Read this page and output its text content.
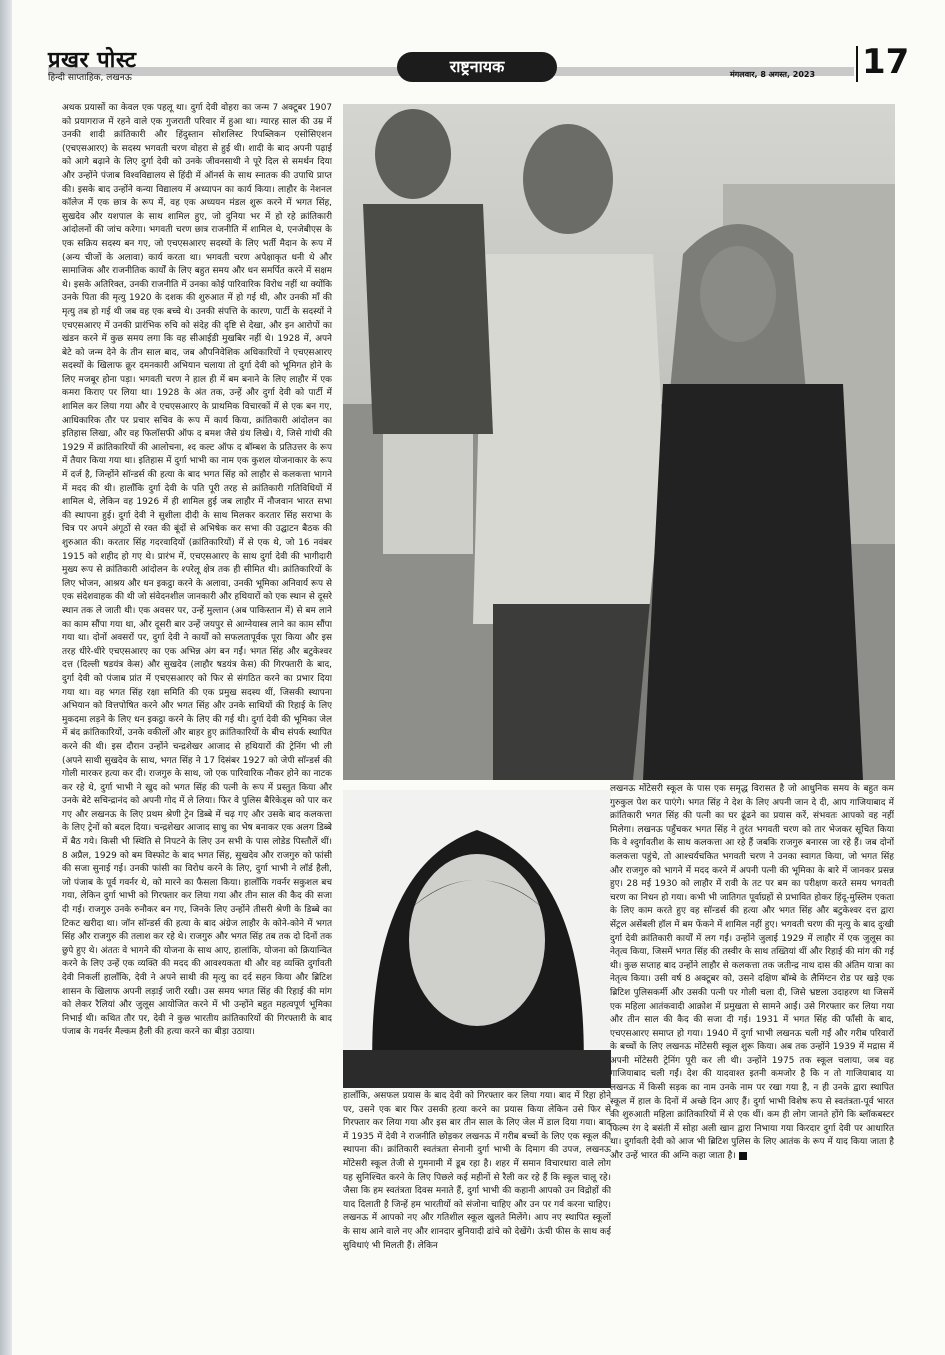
प्रखर पोस्ट
हिन्दी साप्ताहिक, लखनऊ
राष्ट्रनायक	मंगलवार, 8 अगस्त, 2023 17
अथक प्रयासों का केवल एक पहलू था। दुर्गा देवी वोहरा का जन्म 7 अक्टूबर 1907 को प्रयागराज में रहने वाले एक गुजराती परिवार में हुआ था। ग्यारह साल की उम्र में उनकी शादी क्रांतिकारी और हिंदुस्तान सोशलिस्ट रिपब्लिकन एसोसिएशन (एचएसआरए) के सदस्य भगवती चरण वोहरा से हुई थी। शादी के बाद अपनी पढ़ाई को आगे बढ़ाने के लिए दुर्गा देवी को उनके जीवनसाथी ने पूरे दिल से समर्थन दिया और उन्होंने पंजाब विश्वविद्यालय से हिंदी में ऑनर्स के साथ स्नातक की उपाधि प्राप्त की। इसके बाद उन्होंने कन्या विद्यालय में अध्यापन का कार्य किया। लाहौर के नेशनल कॉलेज में एक छात्र के रूप में, वह एक अध्ययन मंडल शुरू करने में भगत सिंह, सुखदेव और यशपाल के साथ शामिल हुए, जो दुनिया भर में हो रहे क्रांतिकारी आंदोलनों की जांच करेगा। भगवती चरण छात्र राजनीति में शामिल थे, एनजेबीएस के एक सक्रिय सदस्य बन गए, जो एचएसआरए सदस्यों के लिए भर्ती मैदान के रूप में (अन्य चीजों के अलावा) कार्य करता था। भगवती चरण अपेक्षाकृत धनी थे और सामाजिक और राजनीतिक कार्यों के लिए बहुत समय और धन समर्पित करने में सक्षम थे। इसके अतिरिक्त, उनकी राजनीति में उनका कोई पारिवारिक विरोध नहीं था क्योंकि उनके पिता की मृत्यु 1920 के दशक की शुरुआत में हो गई थी, और उनकी माँ की मृत्यु तब हो गई थी जब वह एक बच्चे थे। उनकी संपत्ति के कारण, पार्टी के सदस्यों ने एचएसआरए में उनकी प्रारंभिक रुचि को संदेह की दृष्टि से देखा, और इन आरोपों का खंडन करने में कुछ समय लगा कि वह सीआईडी मुखबिर नहीं थे। 1928 में, अपने बेटे को जन्म देने के तीन साल बाद, जब औपनिवेशिक अधिकारियों ने एचएसआरए सदस्यों के खिलाफ क्रूर दमनकारी अभियान चलाया तो दुर्गा देवी को भूमिगत होने के लिए मजबूर होना पड़ा। भगवती चरण ने हाल ही में बम बनाने के लिए लाहौर में एक कमरा किराए पर लिया था। 1928 के अंत तक, उन्हें और दुर्गा देवी को पार्टी में शामिल कर लिया गया और वे एचएसआरए के प्राथमिक विचारकों में से एक बन गए, आधिकारिक तौर पर प्रचार सचिव के रूप में कार्य किया, क्रांतिकारी आंदोलन का इतिहास लिखा, और वह फिलॉसफी ऑफ द बमश जैसे ग्रंथ लिखे। ये, जिसे गांधी की 1929 में क्रांतिकारियों की आलोचना, श्द कल्ट ऑफ द बॉम्बश के प्रतिउत्तर के रूप में तैयार किया गया था। इतिहास में दुर्गा भाभी का नाम एक कुशल योजनाकार के रूप में दर्ज है, जिन्होंने सॉन्डर्स की हत्या के बाद भगत सिंह को लाहौर से कलकत्ता भागने में मदद की थी। हालाँकि दुर्गा देवी के पति पूरी तरह से क्रांतिकारी गतिविधियों में शामिल थे, लेकिन वह 1926 में ही शामिल हुई जब लाहौर में नौजवान भारत सभा की स्थापना हुई। दुर्गा देवी ने सुशीला दीदी के साथ मिलकर करतार सिंह सराभा के चित्र पर अपने अंगूठों से रक्त की बूंदों से अभिषेक कर सभा की उद्घाटन बैठक की शुरुआत की। करतार सिंह गदरवादियों (क्रांतिकारियों) में से एक थे, जो 16 नवंबर 1915 को शहीद हो गए थे। प्रारंभ में, एचएसआरए के साथ दुर्गा देवी की भागीदारी मुख्य रूप से क्रांतिकारी आंदोलन के श्परेलू क्षेत्र तक ही सीमित थी। क्रांतिकारियों के लिए भोजन, आश्रय और धन इकट्ठा करने के अलावा, उनकी भूमिका अनिवार्य रूप से एक संदेशवाहक की थी जो संवेदनशील जानकारी और हथियारों को एक स्थान से दूसरे स्थान तक ले जाती थी। एक अवसर पर, उन्हें मुल्तान (अब पाकिस्तान में) से बम लाने का काम सौंपा गया था, और दूसरी बार उन्हें जयपुर से आग्नेयास्त्र लाने का काम सौंपा गया था। दोनों अवसरों पर, दुर्गा देवी ने कार्यों को सफलतापूर्वक पूरा किया और इस तरह धीरे-धीरे एचएसआरए का एक अभिन्न अंग बन गईं। भगत सिंह और बटुकेश्वर दत्त (दिल्ली षडयंत्र केस) और सुखदेव (लाहौर षडयंत्र केस) की गिरफ्तारी के बाद, दुर्गा देवी को पंजाब प्रांत में एचएसआरए को फिर से संगठित करने का प्रभार दिया गया था। वह भगत सिंह रक्षा समिति की एक प्रमुख सदस्य थीं, जिसकी स्थापना अभियान को वित्तपोषित करने और भगत सिंह और उनके साथियों की रिहाई के लिए मुकदमा लड़ने के लिए धन इकट्ठा करने के लिए की गई थी। दुर्गा देवी की भूमिका जेल में बंद क्रांतिकारियों, उनके वकीलों और बाहर हुए क्रांतिकारियों के बीच संपर्क स्थापित करने की थी। इस दौरान उन्होंने चन्द्रशेखर आजाद से हथियारों की ट्रेनिंग भी ली (अपने साथी सुखदेव के साथ, भगत सिंह ने 17 दिसंबर 1927 को जेपी सॉन्डर्स की गोली मारकर हत्या कर दी। राजगुरु के साथ, जो एक पारिवारिक नौकर होने का नाटक कर रहे थे, दुर्गा भाभी ने खुद को भगत सिंह की पत्नी के रूप में प्रस्तुत किया और उनके बेटे सचिन्द्रानंद को अपनी गोद में ले लिया। फिर वे पुलिस बैरिकेड्स को पार कर गए और लखनऊ के लिए प्रथम श्रेणी ट्रेन डिब्बे में चढ़ गए और उसके बाद कलकत्ता के लिए ट्रेनों को बदल दिया। चन्द्रशेखर आजाद साधु का भेष बनाकर एक अलग डिब्बे में बैठ गये। किसी भी स्थिति से निपटने के लिए उन सभी के पास लोडेड पिस्तौलें थीं। 8 अप्रैल, 1929 को बम विस्फोट के बाद भगत सिंह, सुखदेव और राजगुरु को फांसी की सजा सुनाई गई। उनकी फांसी का विरोध करने के लिए, दुर्गा भाभी ने लॉर्ड हैली, जो पंजाब के पूर्व गवर्नर थे, को मारने का फैसला किया। हालाँकि गवर्नर सकुशल बच गया, लेकिन दुर्गा भाभी को गिरफ्तार कर लिया गया और तीन साल की कैद की सजा दी गई। राजगुरु उनके रुनौकर बन गए, जिनके लिए उन्होंने तीसरी श्रेणी के डिब्बे का टिकट खरीदा था। जॉन सॉन्डर्स की हत्या के बाद अंग्रेज लाहौर के कोने-कोने में भगत सिंह और राजगुरु की तलाश कर रहे थे। राजगुरु और भगत सिंह तब तक दो दिनों तक छुपे हुए थे। अंततः वे भागने की योजना के साथ आए, हालांकि, योजना को क्रियान्वित करने के लिए उन्हें एक व्यक्ति की मदद की आवश्यकता थी और वह व्यक्ति दुर्गावती देवी निकलीं हालाँकि, देवी ने अपने साथी की मृत्यु का दर्द सहन किया और ब्रिटिश शासन के खिलाफ अपनी लड़ाई जारी रखी। उस समय भगत सिंह की रिहाई की मांग को लेकर रैलियां और जुलूस आयोजित करने में भी उन्होंने बहुत महत्वपूर्ण भूमिका निभाई थी। कथित तौर पर, देवी ने कुछ भारतीय क्रांतिकारियों की गिरफ्तारी के बाद पंजाब के गवर्नर मैल्कम हैली की हत्या करने का बीड़ा उठाया।
हालाँकि, असफल प्रयास के बाद देवी को गिरफ्तार कर लिया गया। बाद में रिहा होने पर, उसने एक बार फिर उसकी हत्या करने का प्रयास किया लेकिन उसे फिर से गिरफ्तार कर लिया गया और इस बार तीन साल के लिए जेल में डाल दिया गया। बाद में 1935 में देवी ने राजनीति छोड़कर लखनऊ में गरीब बच्चों के लिए एक स्कूल की स्थापना की। क्रांतिकारी स्वतंत्रता सेनानी दुर्गा भाभी के दिमाग की उपज, लखनऊ मोंटेसरी स्कूल तेजी से गुमनामी में डूब रहा है। शहर में समान विचारधारा वाले लोग यह सुनिश्चित करने के लिए पिछले कई महीनों से रैली कर रहे हैं कि स्कूल चालू रहे। जैसा कि हम स्वतंत्रता दिवस मनाते हैं, दुर्गा भाभी की कहानी आपको उन विद्रोहों की याद दिलाती है जिन्हें हम भारतीयों को संजोना चाहिए और उन पर गर्व करना चाहिए। लखनऊ में आपको नए और गतिशील स्कूल खुलते मिलेंगे। आप नए स्थापित स्कूलों के साथ आने वाले नए और शानदार बुनियादी ढांचे को देखेंगे। ऊंची फीस के साथ कई सुविधाएं भी मिलती हैं। लेकिन
लखनऊ मोंटेसरी स्कूल के पास एक समृद्ध विरासत है जो आधुनिक समय के बहुत कम गुरुकुल पेश कर पाएंगे। भगत सिंह ने देश के लिए अपनी जान दे दी, आप गाजियाबाद में क्रांतिकारी भगत सिंह की पत्नी का घर ढूंढने का प्रयास करें, संभवतः आपको वह नहीं मिलेगा। लखनऊ पहुँचकर भगत सिंह ने तुरंत भगवती चरण को तार भेजकर सूचित किया कि वे श्दुर्गावतीश के साथ कलकत्ता आ रहे हैं जबकि राजगुरु बनारस जा रहे हैं। जब दोनों कलकत्ता पहुंचे, तो आश्चर्यचकित भगवती चरण ने उनका स्वागत किया, जो भगत सिंह और राजगुरु को भागने में मदद करने में अपनी पत्नी की भूमिका के बारे में जानकर प्रसन्न हुए। 28 मई 1930 को लाहौर में रावी के तट पर बम का परीक्षण करते समय भगवती चरण का निधन हो गया। कभी भी जातिगत पूर्वाग्रहों से प्रभावित होकर हिंदू-मुस्लिम एकता के लिए काम करते हुए वह सॉन्डर्स की हत्या और भगत सिंह और बटुकेश्वर दत्त द्वारा सेंट्रल असेंबली हॉल में बम फेंकने में शामिल नहीं हुए। भगवती चरण की मृत्यु के बाद दुःखी दुर्गा देवी क्रांतिकारी कार्यों में लग गईं। उन्होंने जुलाई 1929 में लाहौर में एक जुलूस का नेतृत्व किया, जिसमें भगत सिंह की तस्वीर के साथ तख्तियां थीं और रिहाई की मांग की गई थी। कुछ सप्ताह बाद उन्होंने लाहौर से कलकत्ता तक जतीन्द्र नाथ दास की अंतिम यात्रा का नेतृत्व किया। उसी वर्ष 8 अक्टूबर को, उसने दक्षिण बॉम्बे के लैमिंग्टन रोड पर खड़े एक ब्रिटिश पुलिसकर्मी और उसकी पत्नी पर गोली चला दी, जिसे भ्रष्टला उदाहरण था जिसमें एक महिला आतंकवादी आक्रोश में प्रमुखता से सामने आईं। उसे गिरफ्तार कर लिया गया और तीन साल की कैद की सजा दी गई। 1931 में भगत सिंह की फाँसी के बाद, एचएसआरए समाप्त हो गया। 1940 में दुर्गा भाभी लखनऊ चली गईं और गरीब परिवारों के बच्चों के लिए लखनऊ मोंटेसरी स्कूल शुरू किया। अब तक उन्होंने 1939 में मद्रास में अपनी मोंटेसरी ट्रेनिंग पूरी कर ली थी। उन्होंने 1975 तक स्कूल चलाया, जब वह गाजियाबाद चली गईं। देश की यादवाश्त इतनी कमजोर है कि न तो गाजियाबाद या लखनऊ में किसी सड़क का नाम उनके नाम पर रखा गया है, न ही उनके द्वारा स्थापित स्कूल में हाल के दिनों में अच्छे दिन आए हैं। दुर्गा भाभी विशेष रूप से स्वतंत्रता-पूर्व भारत की शुरुआती महिला क्रांतिकारियों में से एक थीं। कम ही लोग जानते होंगे कि ब्लॉकबस्टर फिल्म रंग दे बसंती में सोहा अली खान द्वारा निभाया गया किरदार दुर्गा देवी पर आधारित था। दुर्गावती देवी को आज भी ब्रिटिश पुलिस के लिए आतंक के रूप में याद किया जाता है और उन्हें भारत की अग्नि कहा जाता है।
